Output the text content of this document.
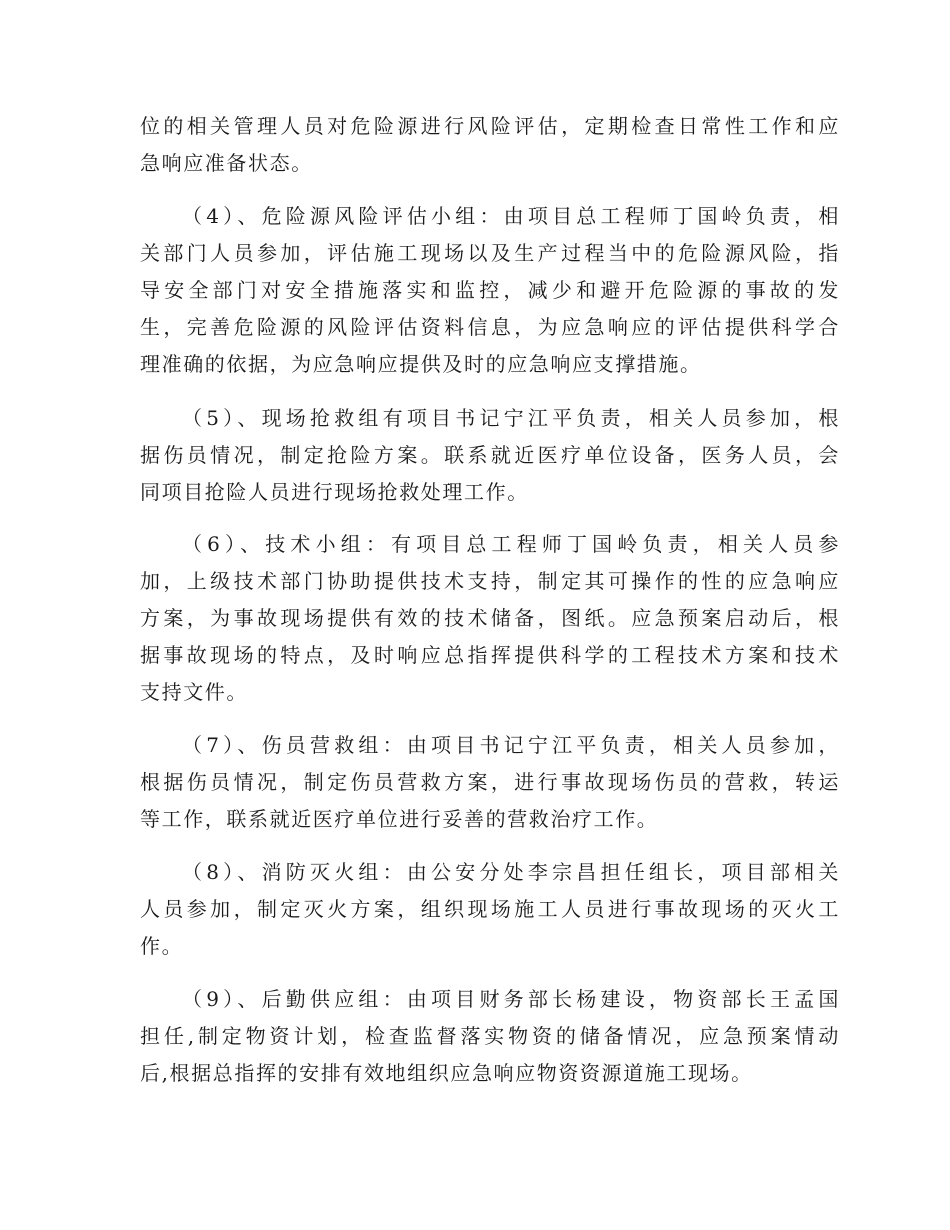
位的相关管理人员对危险源进行风险评估，定期检查日常性工作和应
急响应准备状态。
（4）、危险源风险评估小组：由项目总工程师丁国岭负责，相
关部门人员参加，评估施工现场以及生产过程当中的危险源风险，指
导安全部门对安全措施落实和监控，减少和避开危险源的事故的发
生，完善危险源的风险评估资料信息，为应急响应的评估提供科学合
理准确的依据，为应急响应提供及时的应急响应支撑措施。
（5）、现场抢救组有项目书记宁江平负责，相关人员参加，根
据伤员情况，制定抢险方案。联系就近医疗单位设备，医务人员，会
同项目抢险人员进行现场抢救处理工作。
（6）、技术小组：有项目总工程师丁国岭负责，相关人员参
加，上级技术部门协助提供技术支持，制定其可操作的性的应急响应
方案，为事故现场提供有效的技术储备，图纸。应急预案启动后，根
据事故现场的特点，及时响应总指挥提供科学的工程技术方案和技术
支持文件。
（7）、伤员营救组：由项目书记宁江平负责，相关人员参加，
根据伤员情况，制定伤员营救方案，进行事故现场伤员的营救，转运
等工作，联系就近医疗单位进行妥善的营救治疗工作。
（8）、消防灭火组：由公安分处李宗昌担任组长，项目部相关
人员参加，制定灭火方案，组织现场施工人员进行事故现场的灭火工
作。
（9）、后勤供应组：由项目财务部长杨建设，物资部长王孟国
担任,制定物资计划，检查监督落实物资的储备情况，应急预案情动
后,根据总指挥的安排有效地组织应急响应物资资源道施工现场。
